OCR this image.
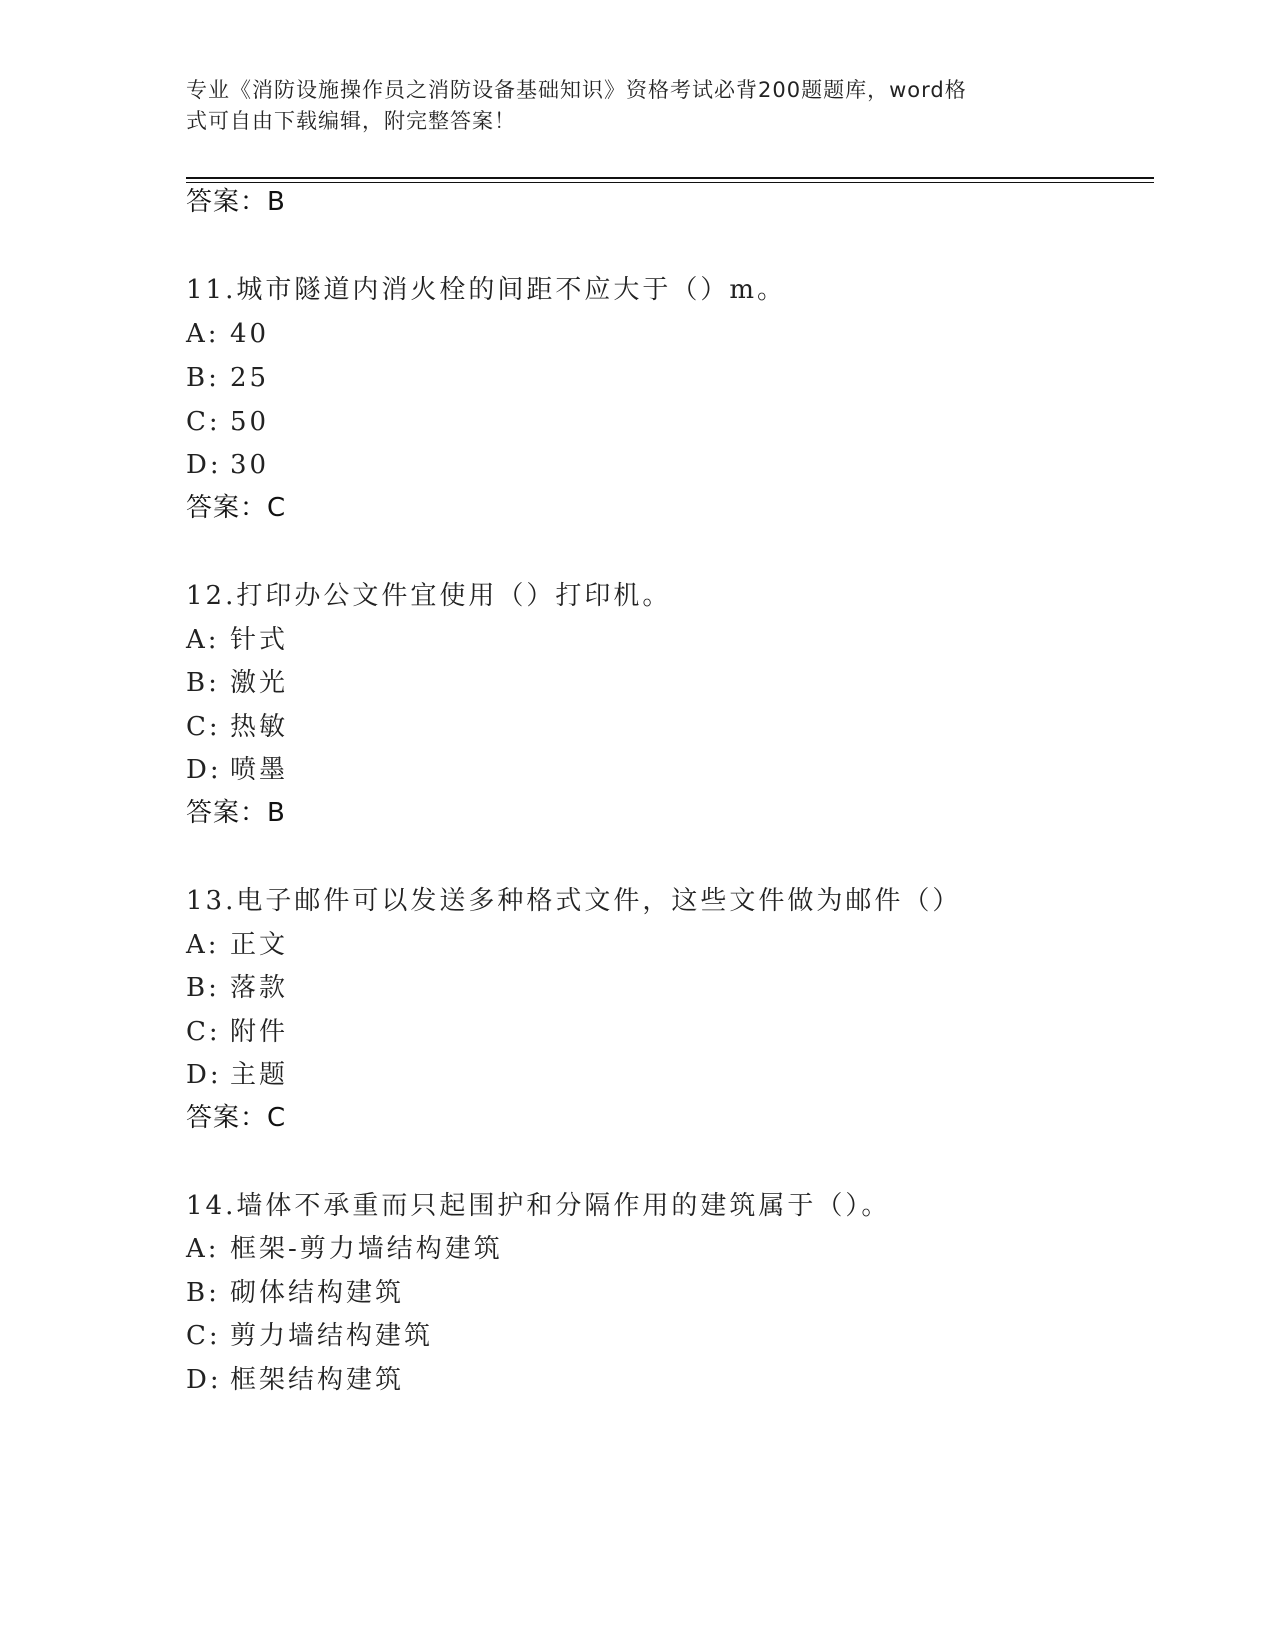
专业《消防设施操作员之消防设备基础知识》资格考试必背200题题库，word格
式可自由下载编辑，附完整答案！
答案：B
11.城市隧道内消火栓的间距不应大于（）m。
A: 40
B: 25
C: 50
D: 30
答案：C
12.打印办公文件宜使用（）打印机。
A: 针式
B: 激光
C: 热敏
D: 喷墨
答案：B
13.电子邮件可以发送多种格式文件，这些文件做为邮件（）
A: 正文
B: 落款
C: 附件
D: 主题
答案：C
14.墙体不承重而只起围护和分隔作用的建筑属于（）。
A: 框架-剪力墙结构建筑
B: 砌体结构建筑
C: 剪力墙结构建筑
D: 框架结构建筑
